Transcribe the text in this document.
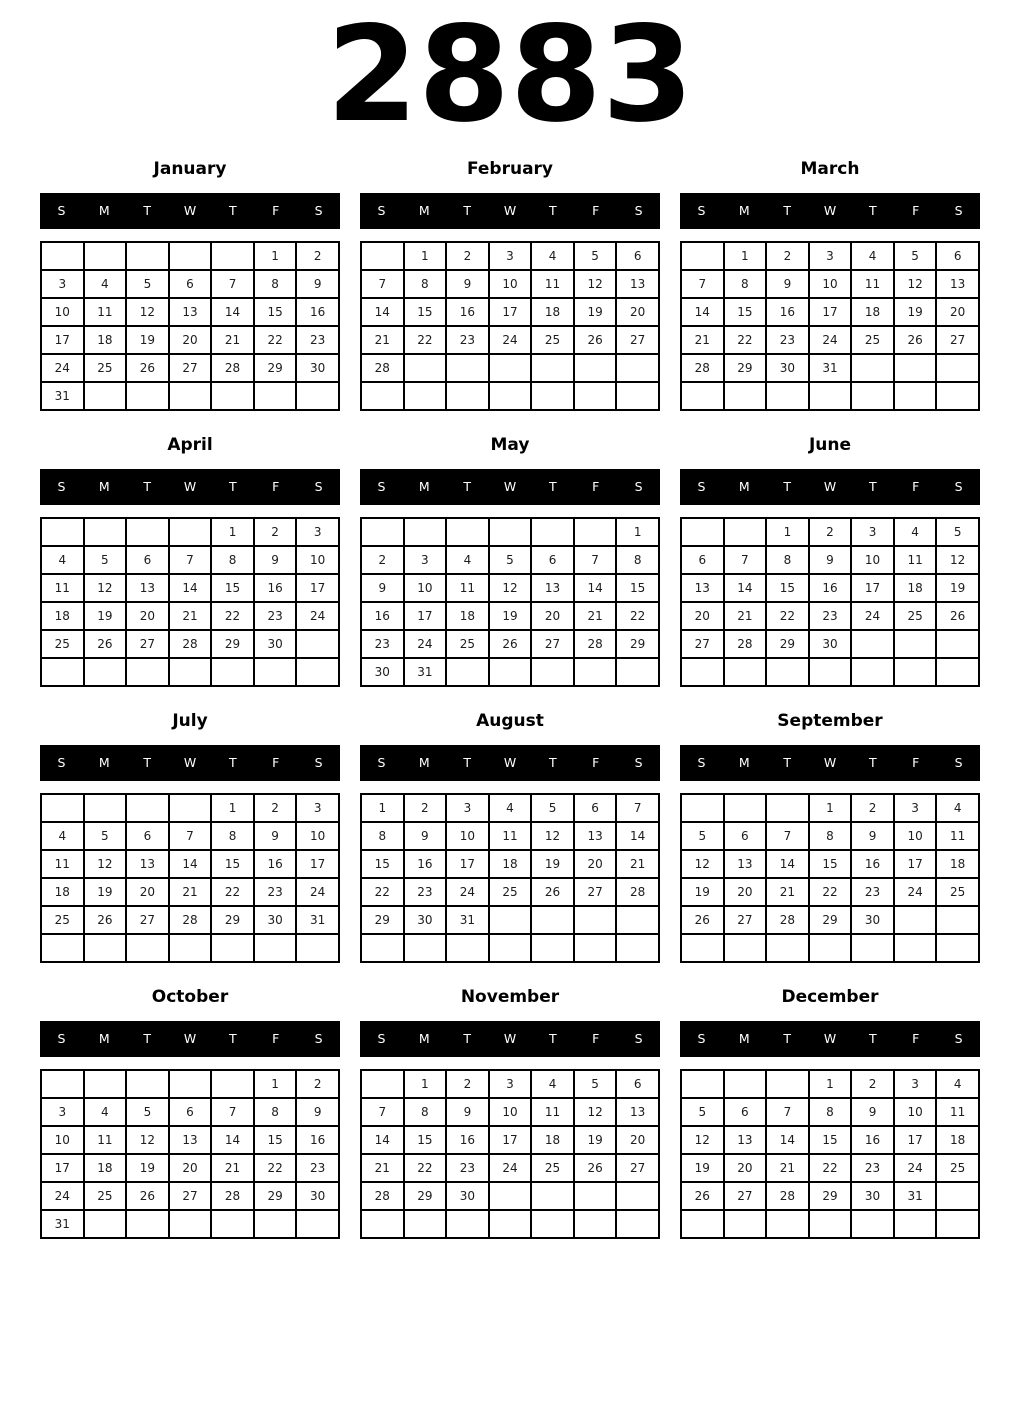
2883
January
S	M	T	W	T	F	S
					1	2
3	4	5	6	7	8	9
10	11	12	13	14	15	16
17	18	19	20	21	22	23
24	25	26	27	28	29	30
31						
February
S	M	T	W	T	F	S
	1	2	3	4	5	6
7	8	9	10	11	12	13
14	15	16	17	18	19	20
21	22	23	24	25	26	27
28						

March
S	M	T	W	T	F	S
	1	2	3	4	5	6
7	8	9	10	11	12	13
14	15	16	17	18	19	20
21	22	23	24	25	26	27
28	29	30	31			

April
S	M	T	W	T	F	S
				1	2	3
4	5	6	7	8	9	10
11	12	13	14	15	16	17
18	19	20	21	22	23	24
25	26	27	28	29	30	

May
S	M	T	W	T	F	S
						1
2	3	4	5	6	7	8
9	10	11	12	13	14	15
16	17	18	19	20	21	22
23	24	25	26	27	28	29
30	31					
June
S	M	T	W	T	F	S
		1	2	3	4	5
6	7	8	9	10	11	12
13	14	15	16	17	18	19
20	21	22	23	24	25	26
27	28	29	30			

July
S	M	T	W	T	F	S
				1	2	3
4	5	6	7	8	9	10
11	12	13	14	15	16	17
18	19	20	21	22	23	24
25	26	27	28	29	30	31

August
S	M	T	W	T	F	S
1	2	3	4	5	6	7
8	9	10	11	12	13	14
15	16	17	18	19	20	21
22	23	24	25	26	27	28
29	30	31				

September
S	M	T	W	T	F	S
			1	2	3	4
5	6	7	8	9	10	11
12	13	14	15	16	17	18
19	20	21	22	23	24	25
26	27	28	29	30		

October
S	M	T	W	T	F	S
					1	2
3	4	5	6	7	8	9
10	11	12	13	14	15	16
17	18	19	20	21	22	23
24	25	26	27	28	29	30
31						
November
S	M	T	W	T	F	S
	1	2	3	4	5	6
7	8	9	10	11	12	13
14	15	16	17	18	19	20
21	22	23	24	25	26	27
28	29	30				

December
S	M	T	W	T	F	S
			1	2	3	4
5	6	7	8	9	10	11
12	13	14	15	16	17	18
19	20	21	22	23	24	25
26	27	28	29	30	31	
